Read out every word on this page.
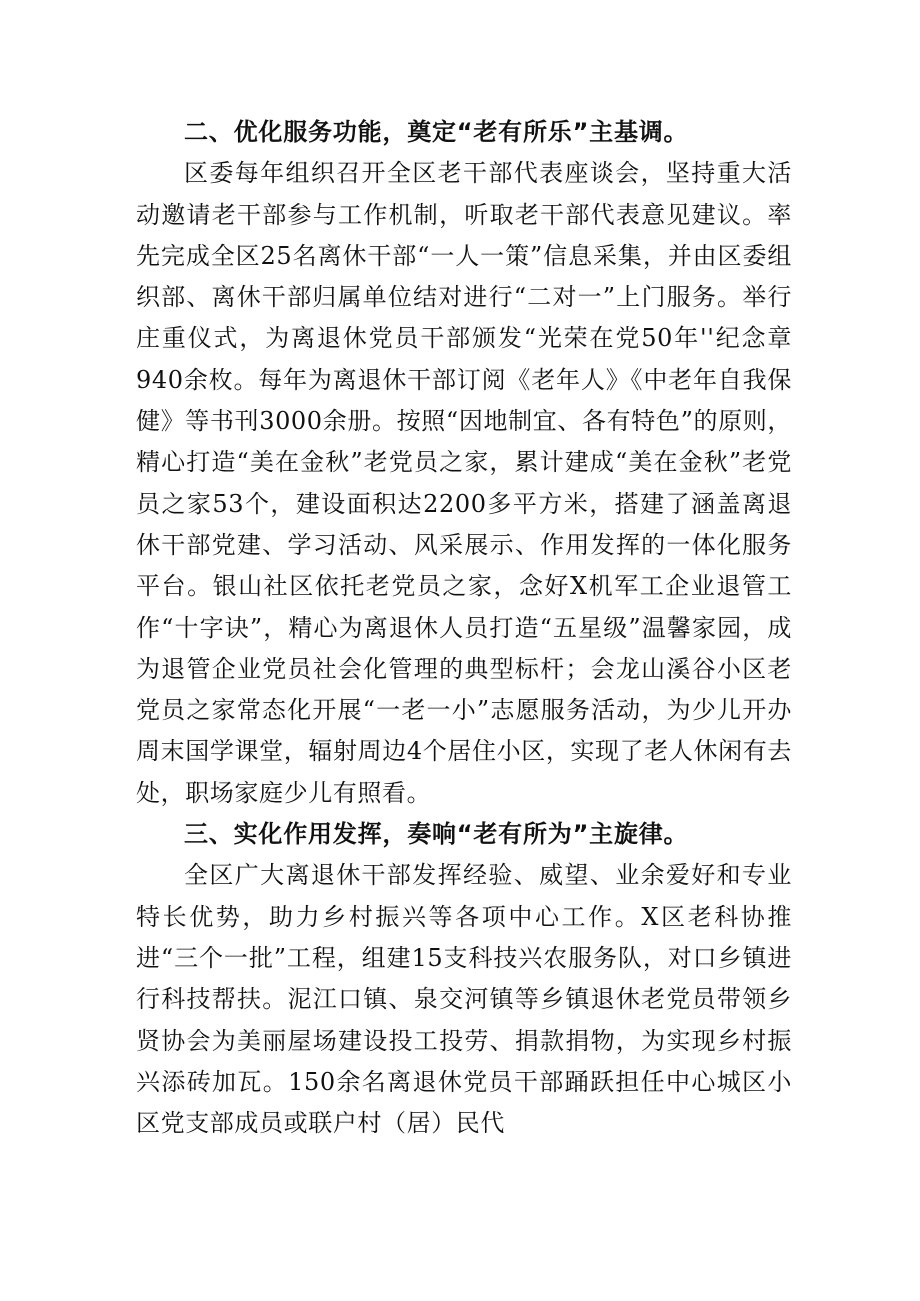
二、优化服务功能，奠定“老有所乐”主基调。

区委每年组织召开全区老干部代表座谈会，坚持重大活动邀请老干部参与工作机制，听取老干部代表意见建议。率先完成全区25名离休干部“一人一策”信息采集，并由区委组织部、离休干部归属单位结对进行“二对一”上门服务。举行庄重仪式，为离退休党员干部颁发“光荣在党50年''纪念章940余枚。每年为离退休干部订阅《老年人》《中老年自我保健》等书刊3000余册。按照“因地制宜、各有特色”的原则，精心打造“美在金秋”老党员之家，累计建成“美在金秋”老党员之家53个，建设面积达2200多平方米，搭建了涵盖离退休干部党建、学习活动、风采展示、作用发挥的一体化服务平台。银山社区依托老党员之家，念好X机军工企业退管工作“十字诀”，精心为离退休人员打造“五星级”温馨家园，成为退管企业党员社会化管理的典型标杆；会龙山溪谷小区老党员之家常态化开展“一老一小”志愿服务活动，为少儿开办周末国学课堂，辐射周边4个居住小区，实现了老人休闲有去处，职场家庭少儿有照看。

三、实化作用发挥，奏响“老有所为”主旋律。

全区广大离退休干部发挥经验、威望、业余爱好和专业特长优势，助力乡村振兴等各项中心工作。X区老科协推进“三个一批”工程，组建15支科技兴农服务队，对口乡镇进行科技帮扶。泥江口镇、泉交河镇等乡镇退休老党员带领乡贤协会为美丽屋场建设投工投劳、捐款捐物，为实现乡村振兴添砖加瓦。150余名离退休党员干部踊跃担任中心城区小区党支部成员或联户村（居）民代
